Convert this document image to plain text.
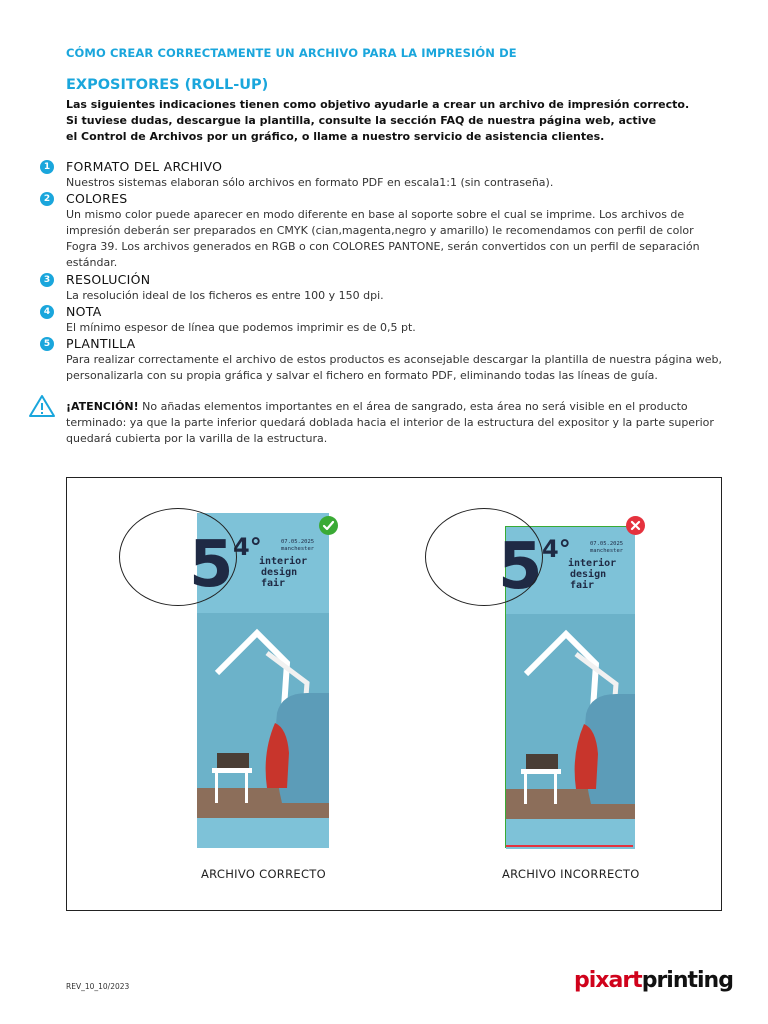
CÓMO CREAR CORRECTAMENTE UN ARCHIVO PARA LA IMPRESIÓN DE
EXPOSITORES (ROLL-UP)
Las siguientes indicaciones tienen como objetivo ayudarle a crear un archivo de impresión correcto.
Si tuviese dudas, descargue la plantilla, consulte la sección FAQ de nuestra página web, active
el Control de Archivos por un gráfico, o llame a nuestro servicio de asistencia clientes.
1	FORMATO DEL ARCHIVO
Nuestros sistemas elaboran sólo archivos en formato PDF en escala1:1 (sin contraseña).
2	COLORES
Un mismo color puede aparecer en modo diferente en base al soporte sobre el cual se imprime. Los archivos de impresión deberán ser preparados en CMYK (cian,magenta,negro y amarillo) le recomendamos con perfil de color Fogra 39. Los archivos generados en RGB o con COLORES PANTONE, serán convertidos con un perfil de separación estándar.
3	RESOLUCIÓN
La resolución ideal de los ficheros es entre 100 y 150 dpi.
4	NOTA
El mínimo espesor de línea que podemos imprimir es de 0,5 pt.
5	PLANTILLA
Para realizar correctamente el archivo de estos productos es aconsejable descargar la plantilla de nuestra página web, personalizarla con su propia gráfica y salvar el fichero en formato PDF, eliminando todas las líneas de guía.
¡ATENCIÓN! No añadas elementos importantes en el área de sangrado, esta área no será visible en el producto terminado: ya que la parte inferior quedará doblada hacia el interior de la estructura del expositor y la parte superior quedará cubierta por la varilla de la estructura.
5 4°	07.05.2025
manchester
interior
design
fair
ARCHIVO CORRECTO
5 4°	07.05.2025
manchester
interior
design
fair
ARCHIVO INCORRECTO
REV_10_10/2023	pixartprinting
